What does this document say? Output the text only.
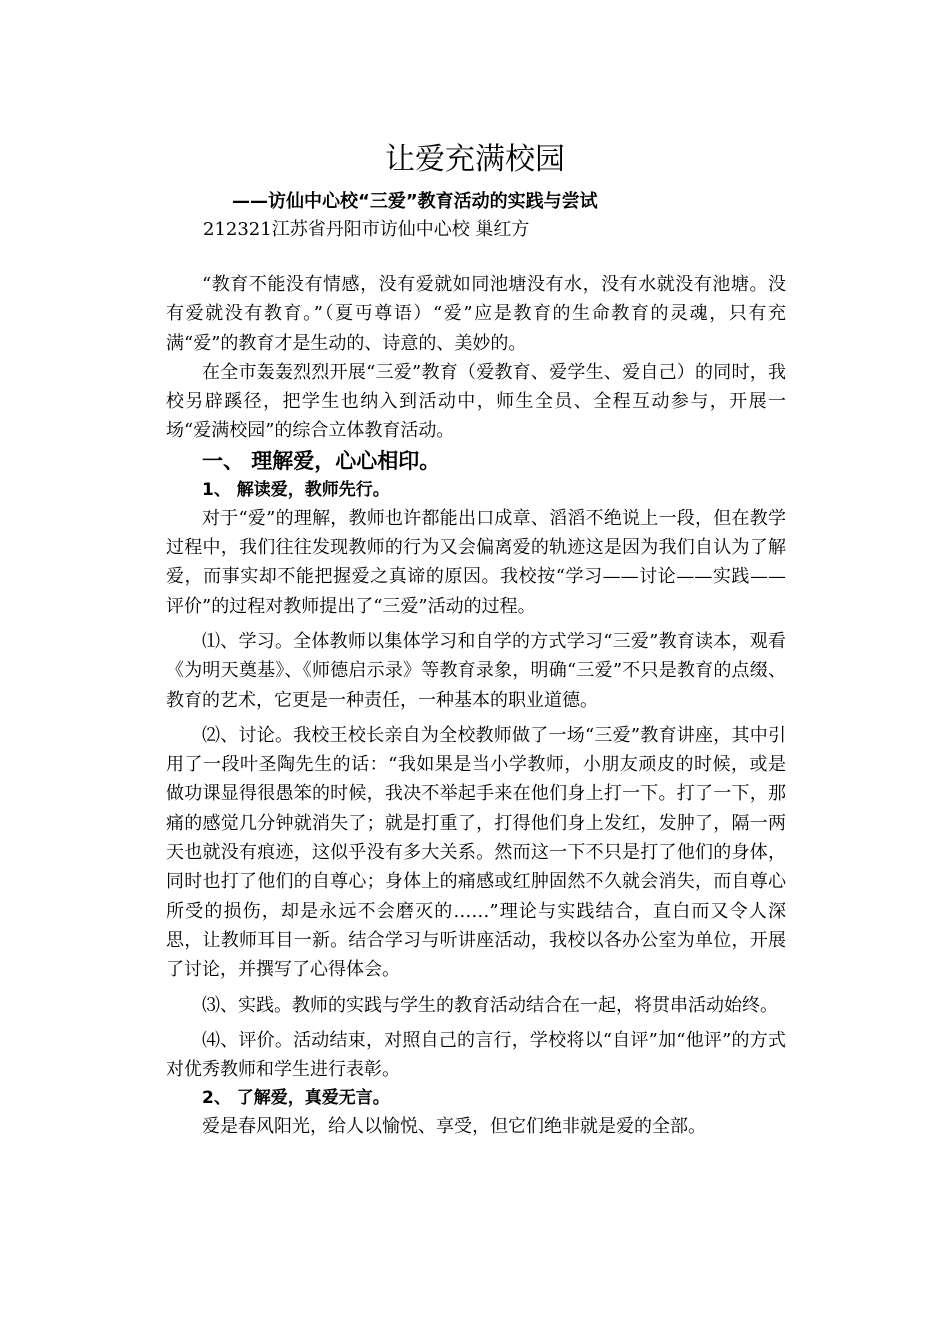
让爱充满校园
——访仙中心校“三爱”教育活动的实践与尝试
212321江苏省丹阳市访仙中心校 巢红方

“教育不能没有情感，没有爱就如同池塘没有水，没有水就没有池塘。没有爱就没有教育。”（夏丏尊语）“爱”应是教育的生命教育的灵魂，只有充满“爱”的教育才是生动的、诗意的、美妙的。

在全市轰轰烈烈开展“三爱”教育（爱教育、爱学生、爱自己）的同时，我校另辟蹊径，把学生也纳入到活动中，师生全员、全程互动参与，开展一场“爱满校园”的综合立体教育活动。

一、 理解爱，心心相印。
1、 解读爱，教师先行。

对于“爱”的理解，教师也许都能出口成章、滔滔不绝说上一段，但在教学过程中，我们往往发现教师的行为又会偏离爱的轨迹这是因为我们自认为了解爱，而事实却不能把握爱之真谛的原因。我校按“学习——讨论——实践——评价”的过程对教师提出了“三爱”活动的过程。

⑴、学习。全体教师以集体学习和自学的方式学习“三爱”教育读本，观看《为明天奠基》、《师德启示录》等教育录象，明确“三爱”不只是教育的点缀、教育的艺术，它更是一种责任，一种基本的职业道德。

⑵、讨论。我校王校长亲自为全校教师做了一场“三爱”教育讲座，其中引用了一段叶圣陶先生的话：“我如果是当小学教师，小朋友顽皮的时候，或是做功课显得很愚笨的时候，我决不举起手来在他们身上打一下。打了一下，那痛的感觉几分钟就消失了；就是打重了，打得他们身上发红，发肿了，隔一两天也就没有痕迹，这似乎没有多大关系。然而这一下不只是打了他们的身体，同时也打了他们的自尊心；身体上的痛感或红肿固然不久就会消失，而自尊心所受的损伤，却是永远不会磨灭的……”理论与实践结合，直白而又令人深思，让教师耳目一新。结合学习与听讲座活动，我校以各办公室为单位，开展了讨论，并撰写了心得体会。

⑶、实践。教师的实践与学生的教育活动结合在一起，将贯串活动始终。

⑷、评价。活动结束，对照自己的言行，学校将以“自评”加“他评”的方式对优秀教师和学生进行表彰。

2、 了解爱，真爱无言。

爱是春风阳光，给人以愉悦、享受，但它们绝非就是爱的全部。
